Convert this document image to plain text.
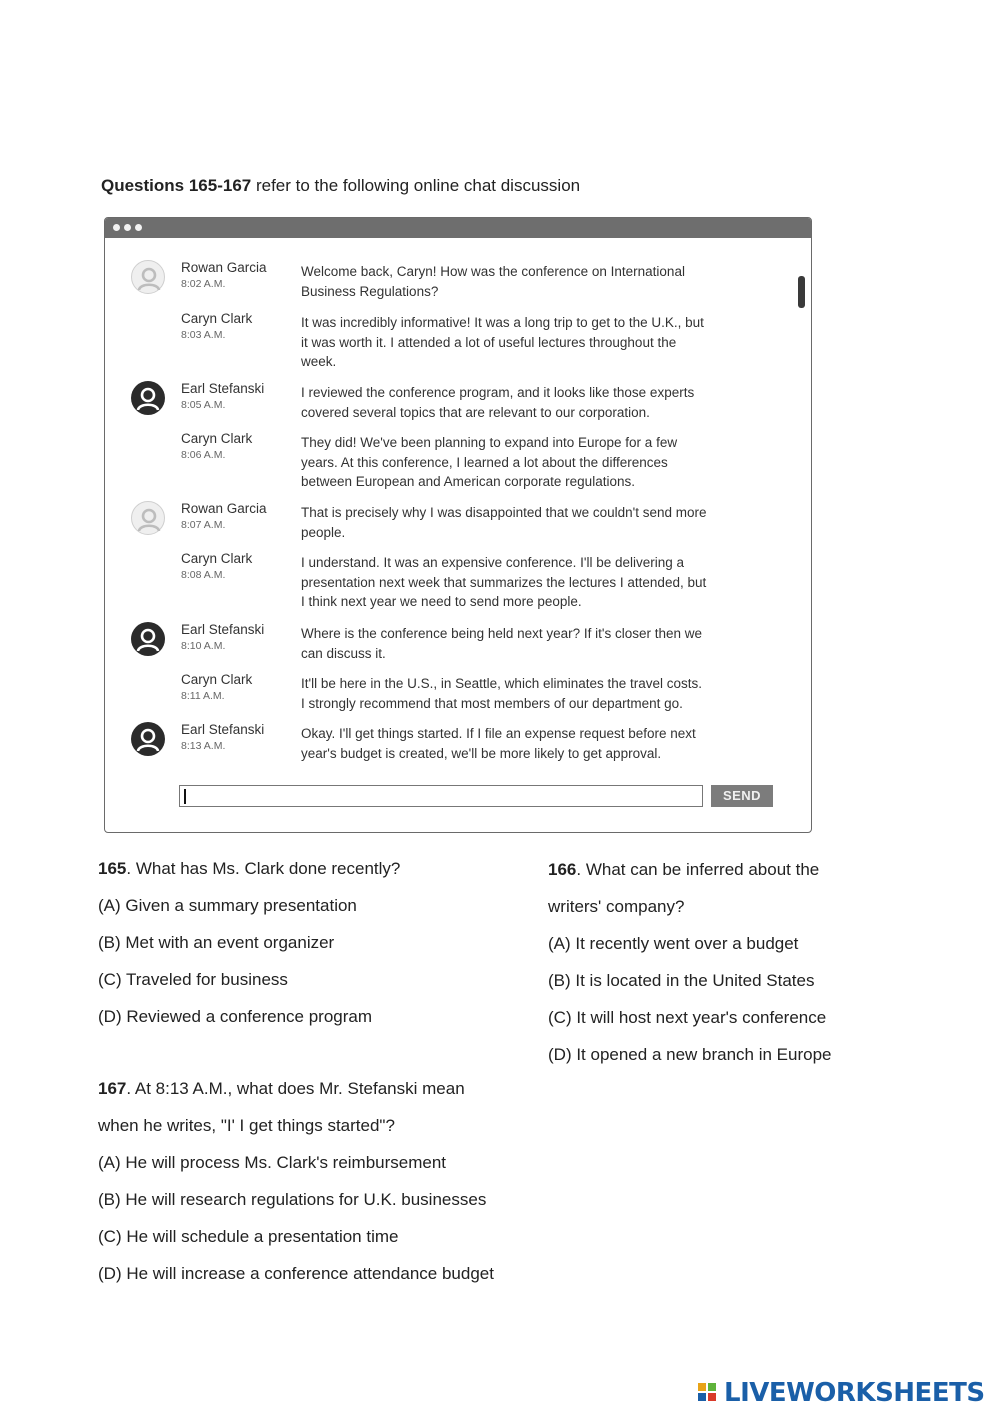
Questions 165-167 refer to the following online chat discussion
Rowan Garcia
8:02 A.M.
Welcome back, Caryn! How was the conference on International
Business Regulations?
Caryn Clark
8:03 A.M.
It was incredibly informative! It was a long trip to get to the U.K., but
it was worth it. I attended a lot of useful lectures throughout the
week.
Earl Stefanski
8:05 A.M.
I reviewed the conference program, and it looks like those experts
covered several topics that are relevant to our corporation.
Caryn Clark
8:06 A.M.
They did! We've been planning to expand into Europe for a few
years. At this conference, I learned a lot about the differences
between European and American corporate regulations.
Rowan Garcia
8:07 A.M.
That is precisely why I was disappointed that we couldn't send more
people.
Caryn Clark
8:08 A.M.
I understand. It was an expensive conference. I'll be delivering a
presentation next week that summarizes the lectures I attended, but
I think next year we need to send more people.
Earl Stefanski
8:10 A.M.
Where is the conference being held next year? If it's closer then we
can discuss it.
Caryn Clark
8:11 A.M.
It'll be here in the U.S., in Seattle, which eliminates the travel costs.
I strongly recommend that most members of our department go.
Earl Stefanski
8:13 A.M.
Okay. I'll get things started. If I file an expense request before next
year's budget is created, we'll be more likely to get approval.
SEND
165. What has Ms. Clark done recently?
(A) Given a summary presentation
(B) Met with an event organizer
(C) Traveled for business
(D) Reviewed a conference program
166. What can be inferred about the
writers' company?
(A) It recently went over a budget
(B) It is located in the United States
(C) It will host next year's conference
(D) It opened a new branch in Europe
167. At 8:13 A.M., what does Mr. Stefanski mean
when he writes, "I' I get things started"?
(A) He will process Ms. Clark's reimbursement
(B) He will research regulations for U.K. businesses
(C) He will schedule a presentation time
(D) He will increase a conference attendance budget
LIVEWORKSHEETS
